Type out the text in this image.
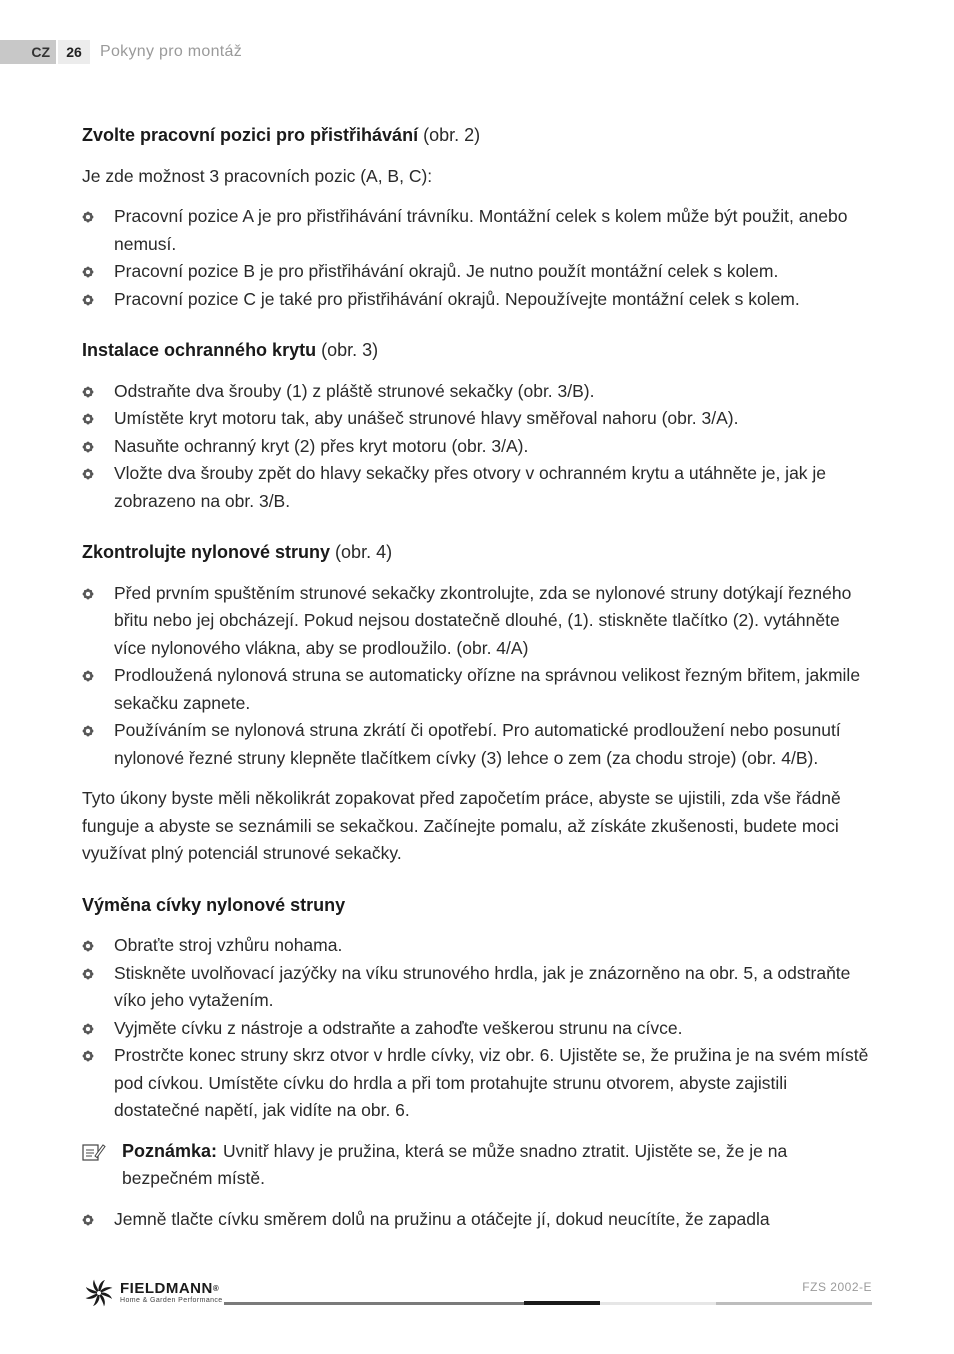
CZ	26	Pokyny pro montáž
Zvolte pracovní pozici pro přistřihávání (obr. 2)

Je zde možnost 3 pracovních pozic (A, B, C):

Pracovní pozice A je pro přistřihávání trávníku. Montážní celek s kolem může být použit, anebo nemusí.
Pracovní pozice B je pro přistřihávání okrajů. Je nutno použít montážní celek s kolem.
Pracovní pozice C je také pro přistřihávání okrajů. Nepoužívejte montážní celek s kolem.
Instalace ochranného krytu (obr. 3)
Odstraňte dva šrouby (1) z pláště strunové sekačky (obr. 3/B).
Umístěte kryt motoru tak, aby unášeč strunové hlavy směřoval nahoru (obr. 3/A).
Nasuňte ochranný kryt (2) přes kryt motoru (obr. 3/A).
Vložte dva šrouby zpět do hlavy sekačky přes otvory v ochranném krytu a utáhněte je, jak je zobrazeno na obr. 3/B.
Zkontrolujte nylonové struny (obr. 4)
Před prvním spuštěním strunové sekačky zkontrolujte, zda se nylonové struny dotýkají řezného břitu nebo jej obcházejí. Pokud nejsou dostatečně dlouhé, (1). stiskněte tlačítko (2). vytáhněte více nylonového vlákna, aby se prodloužilo. (obr. 4/A)
Prodloužená nylonová struna se automaticky ořízne na správnou velikost řezným břitem, jakmile sekačku zapnete.
Používáním se nylonová struna zkrátí či opotřebí. Pro automatické prodloužení nebo posunutí nylonové řezné struny klepněte tlačítkem cívky (3) lehce o zem (za chodu stroje) (obr. 4/B).

Tyto úkony byste měli několikrát zopakovat před započetím práce, abyste se ujistili, zda vše řádně funguje a abyste se seznámili se sekačkou. Začínejte pomalu, až získáte zkušenosti, budete moci využívat plný potenciál strunové sekačky.

Výměna cívky nylonové struny
Obraťte stroj vzhůru nohama.
Stiskněte uvolňovací jazýčky na víku strunového hrdla, jak je znázorněno na obr. 5, a odstraňte víko jeho vytažením.
Vyjměte cívku z nástroje a odstraňte a zahoďte veškerou strunu na cívce.
Prostrčte konec struny skrz otvor v hrdle cívky, viz obr. 6. Ujistěte se, že pružina je na svém místě pod cívkou. Umístěte cívku do hrdla a při tom protahujte strunu otvorem, abyste zajistili dostatečné napětí, jak vidíte na obr. 6.
Poznámka: Uvnitř hlavy je pružina, která se může snadno ztratit. Ujistěte se, že je na bezpečném místě.
Jemně tlačte cívku směrem dolů na pružinu a otáčejte jí, dokud neucítíte, že zapadla
FIELDMANN®
Home & Garden Performance
FZS 2002-E
